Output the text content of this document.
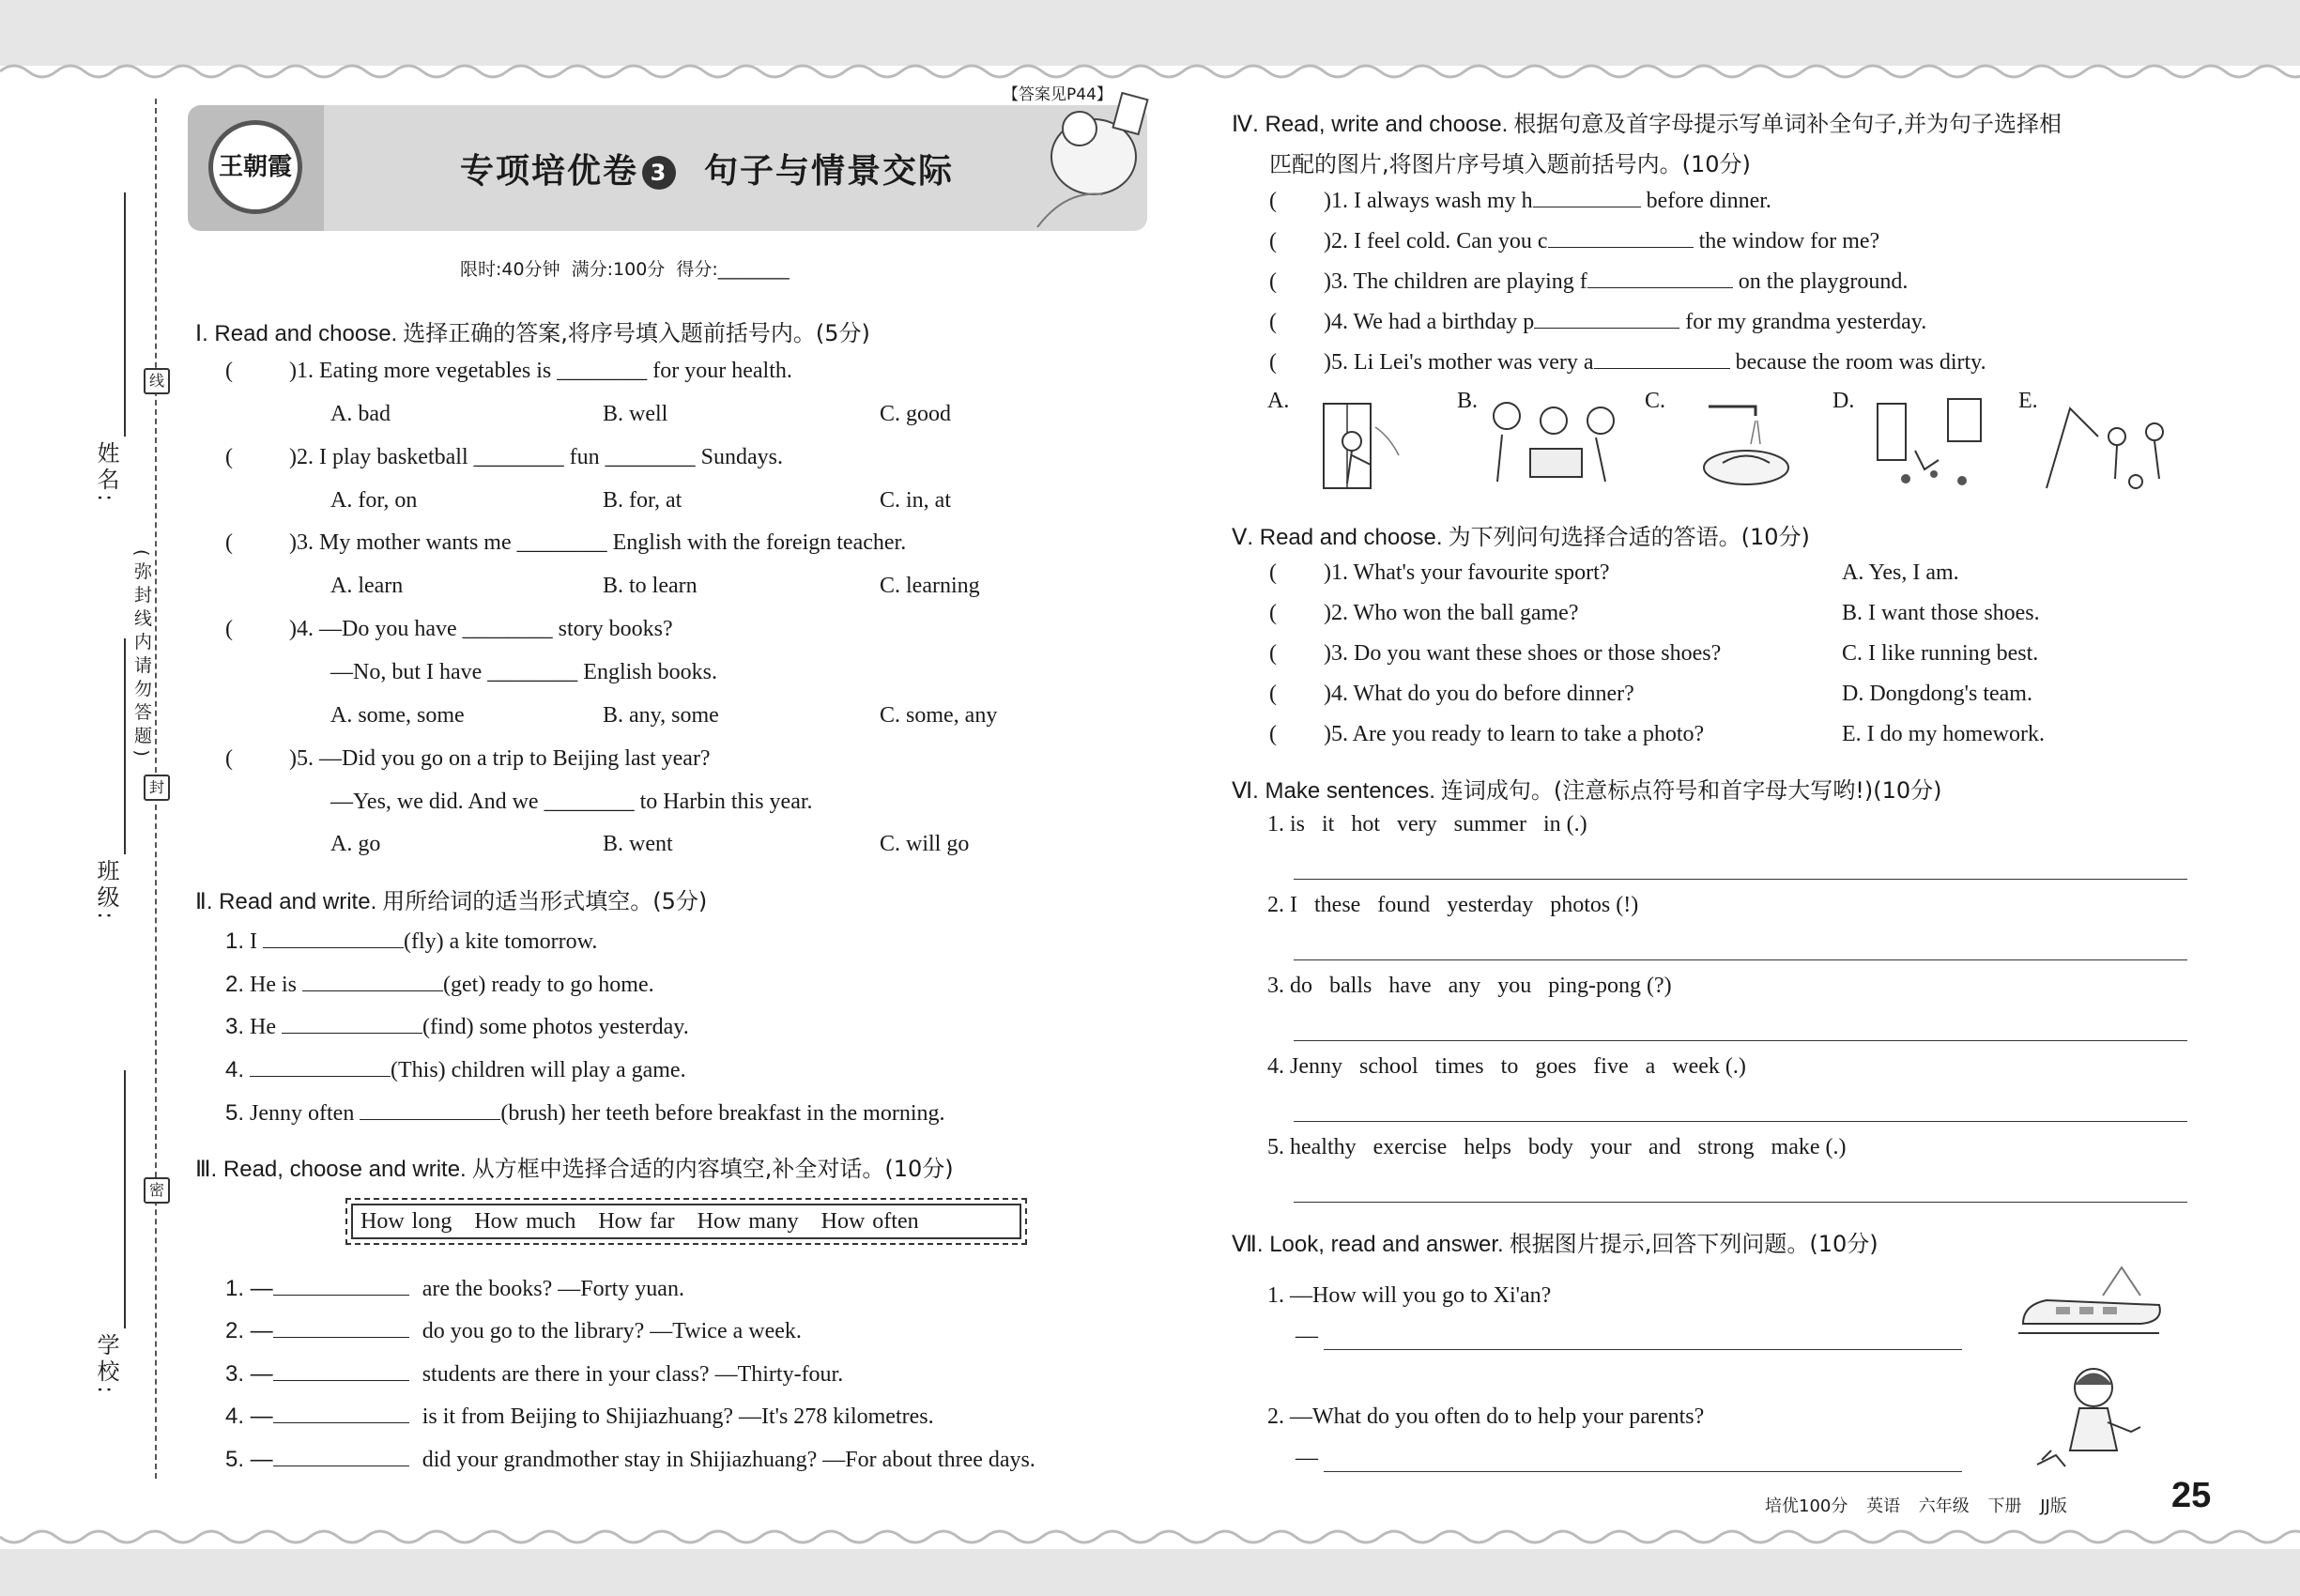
线
封
密
(弥封线内请勿答题)
姓名:
班级:
学校:
【答案见P44】
王朝霞	专项培优卷 3 句子与情景交际
限时:40分钟 满分:100分 得分:________
Ⅰ. Read and choose. 选择正确的答案,将序号填入题前括号内。(5分)
(	)1. Eating more vegetables is ________ for your health.
A. bad	B. well	C. good
(	)2. I play basketball ________ fun ________ Sundays.
A. for, on	B. for, at	C. in, at
(	)3. My mother wants me ________ English with the foreign teacher.
A. learn	B. to learn	C. learning
(	)4. —Do you have ________ story books?
—No, but I have ________ English books.
A. some, some	B. any, some	C. some, any
(	)5. —Did you go on a trip to Beijing last year?
—Yes, we did. And we ________ to Harbin this year.
A. go	B. went	C. will go
Ⅱ. Read and write. 用所给词的适当形式填空。(5分)
1. I	(fly) a kite tomorrow.
2. He is	(get) ready to go home.
3. He	(find) some photos yesterday.
4.	(This) children will play a game.
5. Jenny often	(brush) her teeth before breakfast in the morning.
Ⅲ. Read, choose and write. 从方框中选择合适的内容填空,补全对话。(10分)
How long How much How far How many How often
1. —	are the books? —Forty yuan.
2. —	do you go to the library? —Twice a week.
3. —	students are there in your class? —Thirty-four.
4. —	is it from Beijing to Shijiazhuang? —It's 278 kilometres.
5. —	did your grandmother stay in Shijiazhuang? —For about three days.
Ⅳ. Read, write and choose. 根据句意及首字母提示写单词补全句子,并为句子选择相
匹配的图片,将图片序号填入题前括号内。(10分)
( )1. I always wash my h	before dinner.
( )2. I feel cold. Can you c	the window for me?
( )3. The children are playing f	on the playground.
( )4. We had a birthday p	for my grandma yesterday.
( )5. Li Lei's mother was very a	because the room was dirty.
A.	B.	C.	D.	E.
Ⅴ. Read and choose. 为下列问句选择合适的答语。(10分)
( )1. What's your favourite sport?	A. Yes, I am.
( )2. Who won the ball game?	B. I want those shoes.
( )3. Do you want these shoes or those shoes?	C. I like running best.
( )4. What do you do before dinner?	D. Dongdong's team.
( )5. Are you ready to learn to take a photo?	E. I do my homework.
Ⅵ. Make sentences. 连词成句。(注意标点符号和首字母大写哟!)(10分)
1. is   it   hot   very   summer   in (.)
2. I   these   found   yesterday   photos (!)
3. do   balls   have   any   you   ping-pong (?)
4. Jenny   school   times   to   goes   five   a   week (.)
5. healthy   exercise   helps   body   your   and   strong   make (.)
Ⅶ. Look, read and answer. 根据图片提示,回答下列问题。(10分)
1. —How will you go to Xi'an?
—
2. —What do you often do to help your parents?
—
培优100分 英语 六年级 下册 JJ版	25
